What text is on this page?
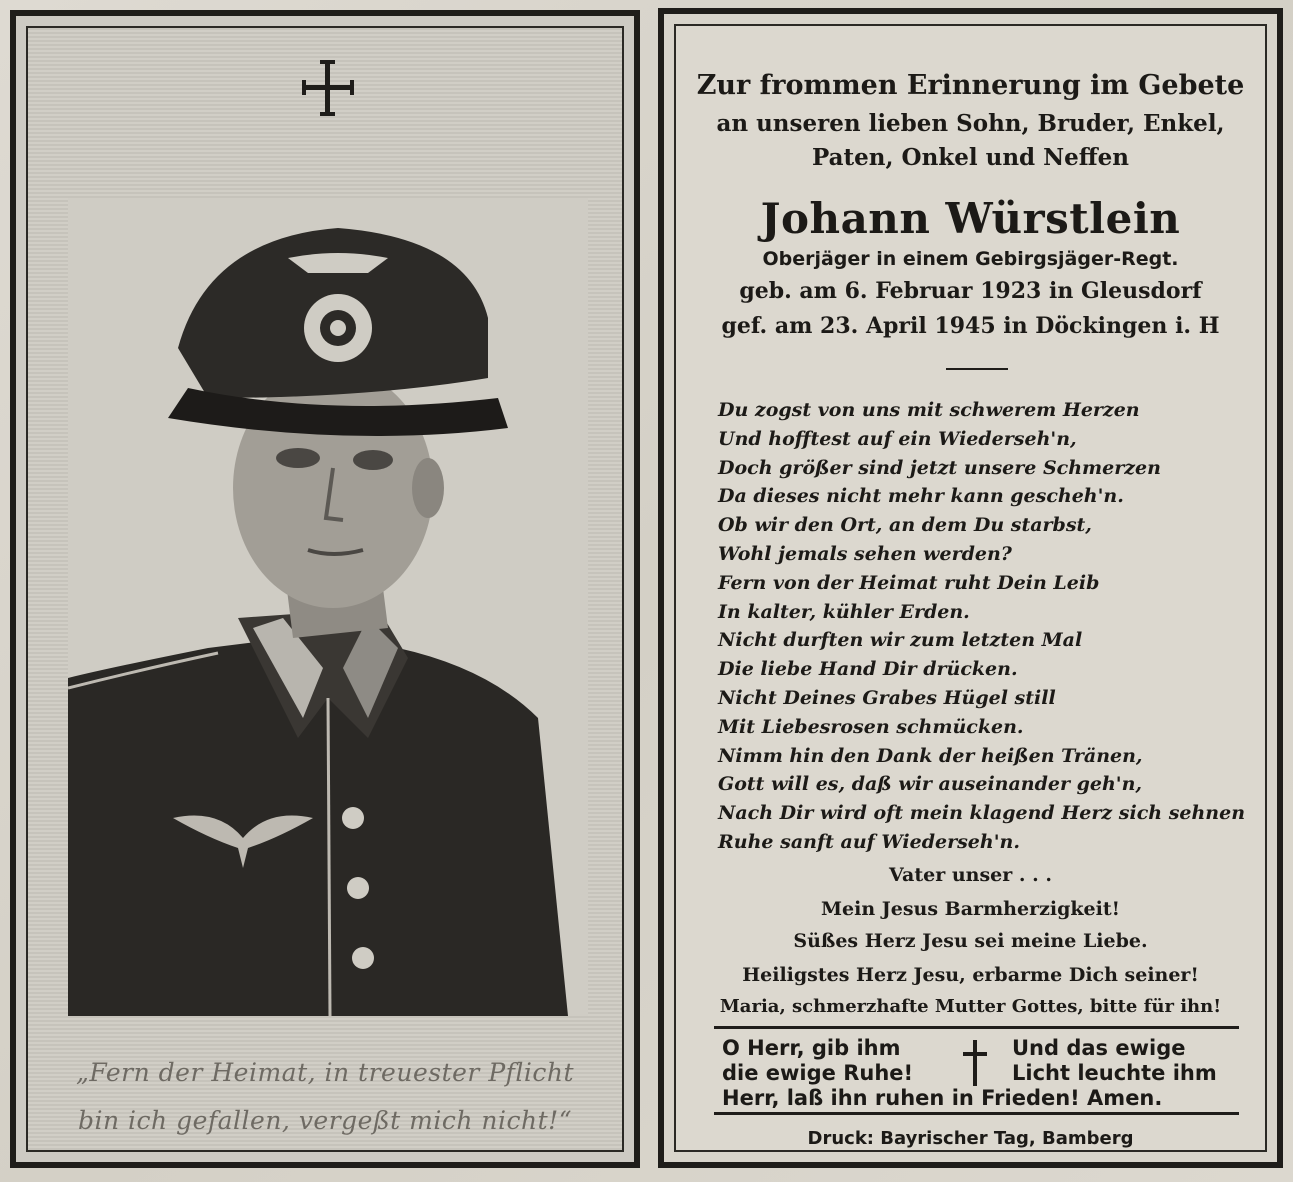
„Fern der Heimat, in treuester Pflicht
bin ich gefallen, vergeßt mich nicht!“
Zur frommen Erinnerung im Gebete
an unseren lieben Sohn, Bruder, Enkel,
Paten, Onkel und Neffen
Johann Würstlein
Oberjäger in einem Gebirgsjäger-Regt.
geb. am 6. Februar 1923 in Gleusdorf
gef. am 23. April 1945 in Döckingen i. H
Du zogst von uns mit schwerem Herzen
Und hofftest auf ein Wiederseh'n,
Doch größer sind jetzt unsere Schmerzen
Da dieses nicht mehr kann gescheh'n.
Ob wir den Ort, an dem Du starbst,
Wohl jemals sehen werden?
Fern von der Heimat ruht Dein Leib
In kalter, kühler Erden.
Nicht durften wir zum letzten Mal
Die liebe Hand Dir drücken.
Nicht Deines Grabes Hügel still
Mit Liebesrosen schmücken.
Nimm hin den Dank der heißen Tränen,
Gott will es, daß wir auseinander geh'n,
Nach Dir wird oft mein klagend Herz sich sehnen
Ruhe sanft auf Wiederseh'n.
Vater unser . . .
Mein Jesus Barmherzigkeit!
Süßes Herz Jesu sei meine Liebe.
Heiligstes Herz Jesu, erbarme Dich seiner!
Maria, schmerzhafte Mutter Gottes, bitte für ihn!
O Herr, gib ihm
die ewige Ruhe!
Und das ewige
Licht leuchte ihm
Herr, laß ihn ruhen in Frieden! Amen.
Druck: Bayrischer Tag, Bamberg
